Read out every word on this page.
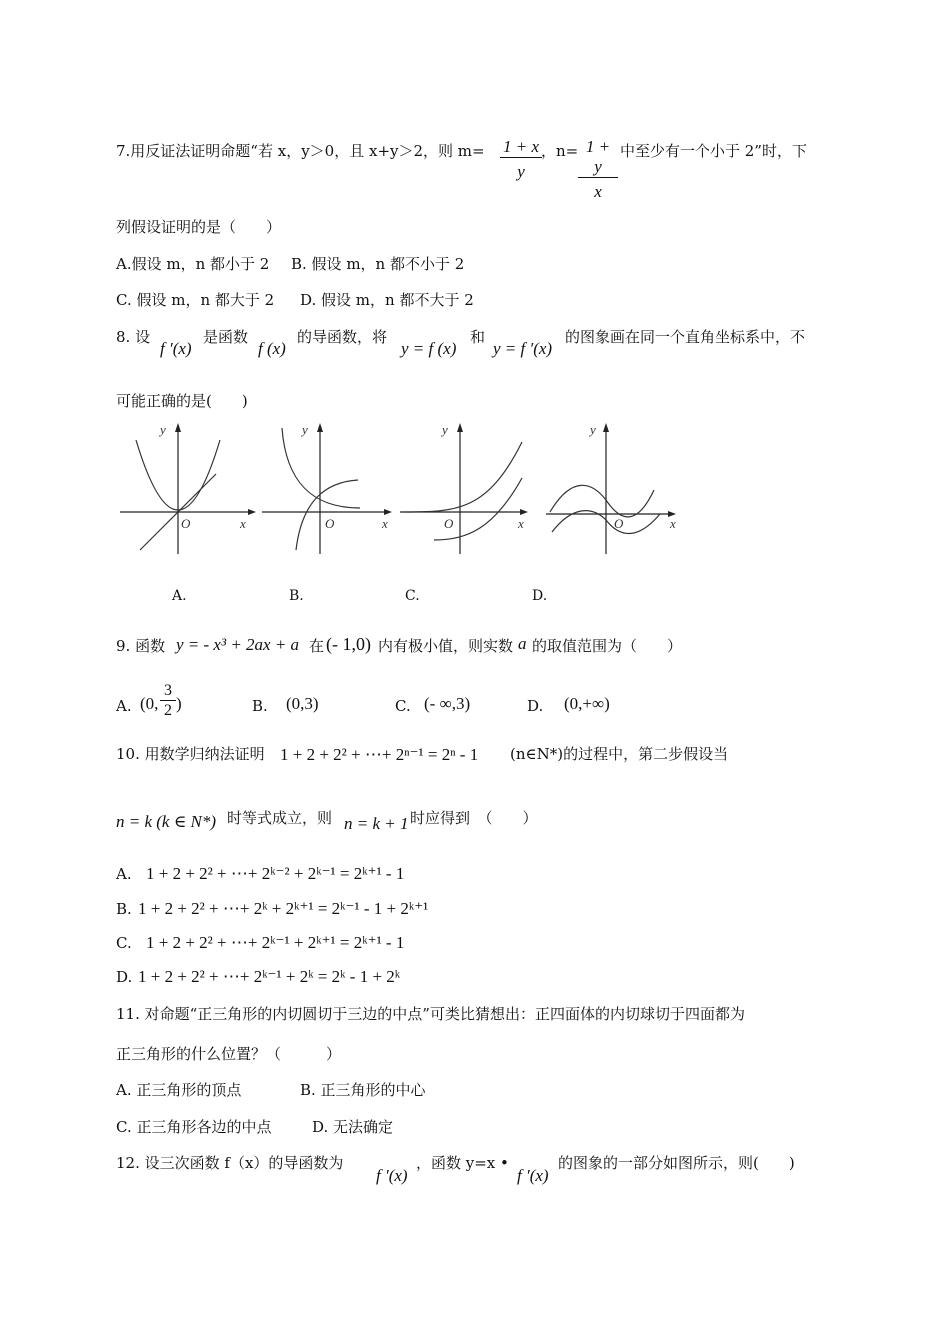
7.用反证法证明命题“若 x，y＞0，且 x+y＞2，则 $m= \frac{1 + x}{y}$ ，$n= \frac{1 + y}{x}$ 中至少有一个小于 2”时，下
列假设证明的是（　　）
A.假设 m，n 都小于 2 B. 假设 m，n 都不小于 2
C. 假设 m，n 都大于 2 D. 假设 m，n 都不大于 2
8. 设
f ′(x)
是函数
f (x)
的导函数，将
y = f (x)
和
y = f ′(x)
的图象画在同一个直角坐标系中，不
可能正确的是(　　)
y
x
O
y
x
O
y
x
O
y
x
O
A.	B.	C.	D.
9. 函数 y = - x³ + 2ax + a 在 (- 1,0) 内有极小值，则实数 a 的取值范围为（　　）
A. (0, $\frac{3}{2}$ )	B. (0,3)	C. (- ∞,3)	D. (0,+∞)
10. 用数学归纳法证明 1 + 2 + 2² + ⋯+ 2ⁿ⁻¹ = 2ⁿ - 1 (n∈N*)的过程中，第二步假设当
n = k (k ∈ N*) 时等式成立，则 n = k + 1 时应得到　（　　）
A. 1 + 2 + 2² + ⋯+ 2ᵏ⁻² + 2ᵏ⁻¹ = 2ᵏ⁺¹ - 1
B. 1 + 2 + 2² + ⋯+ 2ᵏ + 2ᵏ⁺¹ = 2ᵏ⁻¹ - 1 + 2ᵏ⁺¹
C. 1 + 2 + 2² + ⋯+ 2ᵏ⁻¹ + 2ᵏ⁺¹ = 2ᵏ⁺¹ - 1
D. 1 + 2 + 2² + ⋯+ 2ᵏ⁻¹ + 2ᵏ = 2ᵏ - 1 + 2ᵏ
11. 对命题“正三角形的内切圆切于三边的中点”可类比猜想出：正四面体的内切球切于四面都为
正三角形的什么位置？（　　　）
A. 正三角形的顶点	B. 正三角形的中心
C. 正三角形各边的中点	D. 无法确定
12. 设三次函数 f（x）的导函数为
f ′(x)
，函数 y=x •
f ′(x)
的图象的一部分如图所示，则(　　)
